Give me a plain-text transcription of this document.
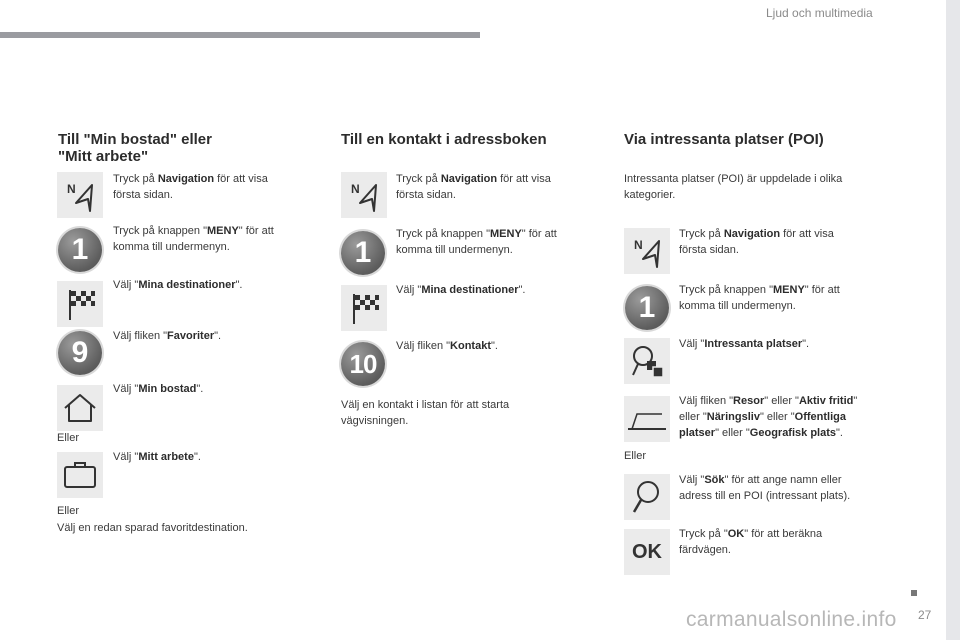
Ljud och multimedia
27
carmanualsonline.info
Till "Min bostad" eller
"Mitt arbete"
N
Tryck på Navigation för att visa
första sidan.
1
Tryck på knappen "MENY" för att
komma till undermenyn.
Välj "Mina destinationer".
9	Välj fliken "Favoriter".
Välj "Min bostad".
Eller
Välj "Mitt arbete".
Eller
Välj en redan sparad favoritdestination.
Till en kontakt i adressboken
N
Tryck på Navigation för att visa
första sidan.
1
Tryck på knappen "MENY" för att
komma till undermenyn.
Välj "Mina destinationer".
10
Välj fliken "Kontakt".
Välj en kontakt i listan för att starta
vägvisningen.
Via intressanta platser (POI)
Intressanta platser (POI) är uppdelade i olika
kategorier.
N
Tryck på Navigation för att visa
första sidan.
1
Tryck på knappen "MENY" för att
komma till undermenyn.
Välj "Intressanta platser".
Välj fliken "Resor" eller "Aktiv fritid"
eller "Näringsliv" eller "Offentliga
platser" eller "Geografisk plats".
Eller
Välj "Sök" för att ange namn eller
adress till en POI (intressant plats).
OK
Tryck på "OK" för att beräkna
färdvägen.
